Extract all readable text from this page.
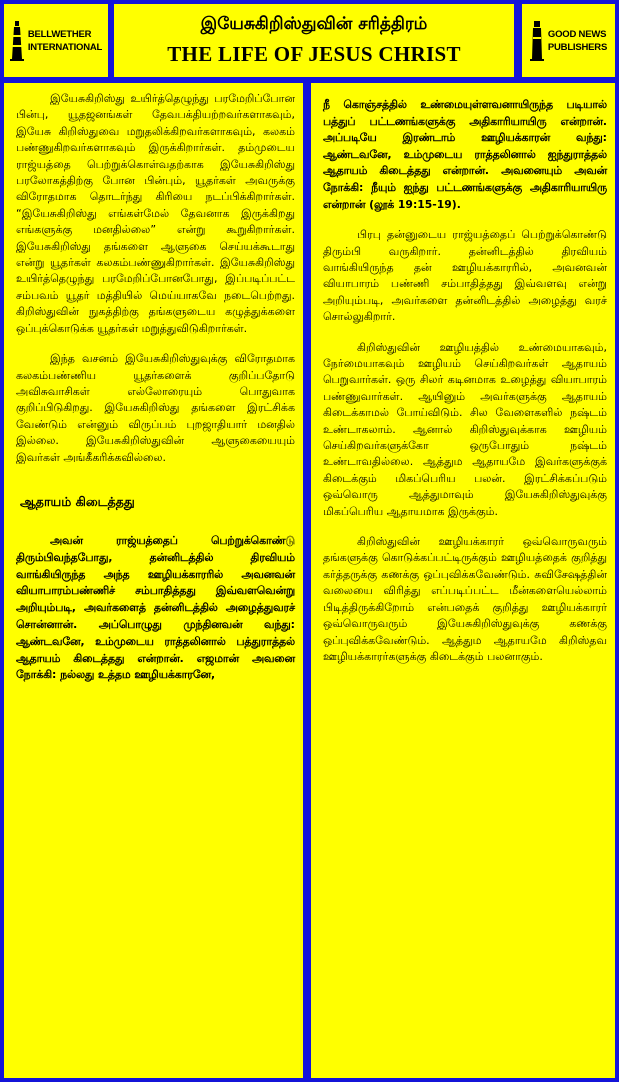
BELLWETHER
INTERNATIONAL
இயேசுகிறிஸ்துவின் சரித்திரம்
THE LIFE OF JESUS CHRIST
GOOD NEWS
PUBLISHERS

இயேசுகிறிஸ்து உயிர்த்தெழுந்து பரமேறிப்போன பின்பு, யூதஜனங்கள் தேவபக்தியற்றவர்களாகவும், இயேசு கிறிஸ்துவை மறுதலிக்கிறவர்களாகவும், கலகம் பண்ணுகிறவர்களாகவும் இருக்கிறார்கள். தம்முடைய ராஜ்யத்தை பெற்றுக்கொள்வதற்காக இயேசுகிறிஸ்து பரலோகத்திற்கு போன பின்பும், யூதர்கள் அவருக்கு விரோதமாக தொடர்ந்து கிரியை நடப்பிக்கிறார்கள். “இயேசுகிறிஸ்து எங்கள்மேல் தேவனாக இருக்கிறது எங்களுக்கு மனதில்லை” என்று கூறுகிறார்கள். இயேசுகிறிஸ்து தங்களை ஆளுகை செய்யக்கூடாது என்று யூதர்கள் கலகம்பண்ணுகிறார்கள். இயேசுகிறிஸ்து உயிர்த்தெழுந்து பரமேறிப்போனபோது, இப்படிப்பட்ட சம்பவம் யூதர் மத்தியில் மெய்யாகவே நடைபெற்றது. கிறிஸ்துவின் நுகத்திற்கு தங்களுடைய கழுத்துக்களை ஒப்புக்கொடுக்க யூதர்கள் மறுத்துவிடுகிறார்கள்.

இந்த வசனம் இயேசுகிறிஸ்துவுக்கு விரோதமாக கலகம்பண்ணிய யூதர்களைக் குறிப்பதோடு அவிசுவாசிகள் எல்லோரையும் பொதுவாக குறிப்பிடுகிறது. இயேசுகிறிஸ்து தங்களை இரட்சிக்க வேண்டும் என்னும் விருப்பம் புறஜாதியார் மனதில் இல்லை. இயேசுகிறிஸ்துவின் ஆளுகையையும் இவர்கள் அங்கீகரிக்கவில்லை.

ஆதாயம் கிடைத்தது

அவன் ராஜ்யத்தைப் பெற்றுக்கொண்டு திரும்பிவந்தபோது, தன்னிடத்தில் திரவியம் வாங்கியிருந்த அந்த ஊழியக்காரரில் அவனவன் வியாபாரம்பண்ணிச் சம்பாதித்தது இவ்வளவென்று அறியும்படி, அவர்களைத் தன்னிடத்தில் அழைத்துவரச் சொன்னான். அப்பொழுது முந்தினவன் வந்து: ஆண்டவனே, உம்முடைய ராத்தலினால் பத்துராத்தல் ஆதாயம் கிடைத்தது என்றான். எஜமான் அவனை நோக்கி: நல்லது உத்தம ஊழியக்காரனே,

நீ கொஞ்சத்தில் உண்மையுள்ளவனாயிருந்த படியால் பத்துப் பட்டணங்களுக்கு அதிகாரியாயிரு என்றான். அப்படியே இரண்டாம் ஊழியக்காரன் வந்து: ஆண்டவனே, உம்முடைய ராத்தலினால் ஐந்துராத்தல் ஆதாயம் கிடைத்தது என்றான். அவனையும் அவன் நோக்கி: நீயும் ஐந்து பட்டணங்களுக்கு அதிகாரியாயிரு என்றான் (லூக் 19:15-19).

பிரபு தன்னுடைய ராஜ்யத்தைப் பெற்றுக்கொண்டு திரும்பி வருகிறார். தன்னிடத்தில் திரவியம் வாங்கியிருந்த தன் ஊழியக்காரரில், அவனவன் வியாபாரம் பண்ணி சம்பாதித்தது இவ்வளவு என்று அறியும்படி, அவர்களை தன்னிடத்தில் அழைத்து வரச் சொல்லுகிறார்.

கிறிஸ்துவின் ஊழியத்தில் உண்மையாகவும், நேர்மையாகவும் ஊழியம் செய்கிறவர்கள் ஆதாயம் பெறுவார்கள். ஒரு சிலர் கடினமாக உழைத்து வியாபாரம் பண்ணுவார்கள். ஆயினும் அவர்களுக்கு ஆதாயம் கிடைக்காமல் போய்விடும். சில வேளைகளில் நஷ்டம் உண்டாகலாம். ஆனால் கிறிஸ்துவுக்காக ஊழியம் செய்கிறவர்களுக்கோ ஒருபோதும் நஷ்டம் உண்டாவதில்லை. ஆத்தும ஆதாயமே இவர்களுக்குக் கிடைக்கும் மிகப்பெரிய பலன். இரட்சிக்கப்படும் ஒவ்வொரு ஆத்துமாவும் இயேசுகிறிஸ்துவுக்கு மிகப்பெரிய ஆதாயமாக இருக்கும்.

கிறிஸ்துவின் ஊழியக்காரர் ஒவ்வொருவரும் தங்களுக்கு கொடுக்கப்பட்டிருக்கும் ஊழியத்தைக் குறித்து கர்த்தருக்கு கணக்கு ஒப்புவிக்கவேண்டும். சுவிசேஷத்தின் வலையை விரித்து எப்படிப்பட்ட மீன்களையெல்லாம் பிடித்திருக்கிறோம் என்பதைக் குறித்து ஊழியக்காரர் ஒவ்வொருவரும் இயேசுகிறிஸ்துவுக்கு கணக்கு ஒப்புவிக்கவேண்டும். ஆத்தும ஆதாயமே கிறிஸ்தவ ஊழியக்காரர்களுக்கு கிடைக்கும் பலனாகும்.
